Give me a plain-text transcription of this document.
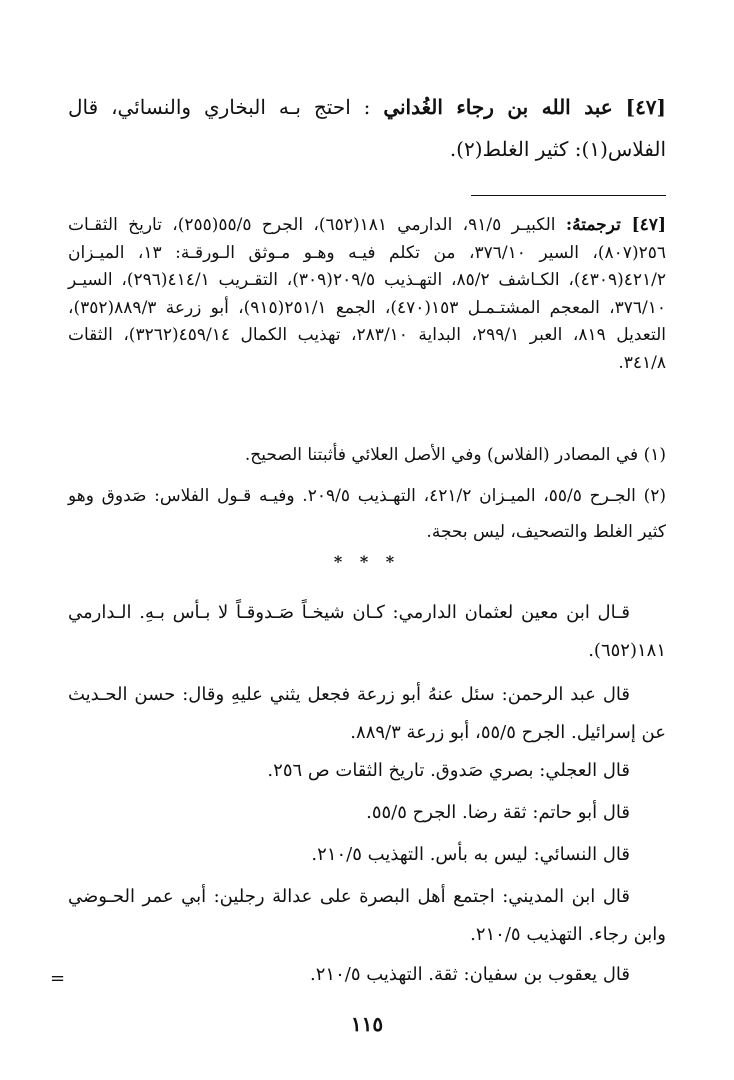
[٤٧] عبد الله بن رجاء الغُداني : احتج بـه البخاري والنسائي، قال الفلاس(١): كثير الغلط(٢).
[٤٧] ترجمتهُ: الكبيـر ٩١/٥، الدارمي ١٨١(٦٥٢)، الجرح ٥٥/٥(٢٥٥)، تاريخ الثقـات ٢٥٦(٨٠٧)، السير ٣٧٦/١٠، من تكلم فيـه وهـو مـوثق الـورقـة: ١٣، الميـزان ٤٢١/٢(٤٣٠٩)، الكـاشف ٨٥/٢، التهـذيب ٢٠٩/٥(٣٠٩)، التقـريب ٤١٤/١(٢٩٦)، السيـر ٣٧٦/١٠، المعجم المشتـمـل ١٥٣(٤٧٠)، الجمع ٢٥١/١(٩١٥)، أبو زرعة ٨٨٩/٣(٣٥٢)، التعديل ٨١٩، العبر ٢٩٩/١، البداية ٢٨٣/١٠، تهذيب الكمال ٤٥٩/١٤(٣٢٦٢)، الثقات ٣٤١/٨.
(١) في المصادر (الفلاس) وفي الأصل العلائي فأثبتنا الصحيح.
(٢) الجـرح ٥٥/٥، الميـزان ٤٢١/٢، التهـذيب ٢٠٩/٥. وفيـه قـول الفلاس: صَدوق وهو كثير الغلط والتصحيف، ليس بحجة.
* * *
قـال ابن معين لعثمان الدارمي: كـان شيخـاً صَـدوقـاً لا بـأس بـهِ. الـدارمي ١٨١(٦٥٢).
قال عبد الرحمن: سئل عنهُ أبو زرعة فجعل يثني عليهِ وقال: حسن الحـديث عن إسرائيل. الجرح ٥٥/٥، أبو زرعة ٨٨٩/٣.
قال العجلي: بصري صَدوق. تاريخ الثقات ص ٢٥٦.
قال أبو حاتم: ثقة رضا. الجرح ٥٥/٥.
قال النسائي: ليس به بأس. التهذيب ٢١٠/٥.
قال ابن المديني: اجتمع أهل البصرة على عدالة رجلين: أبي عمر الحـوضي وابن رجاء. التهذيب ٢١٠/٥.
قال يعقوب بن سفيان: ثقة. التهذيب ٢١٠/٥.
=
١١٥
